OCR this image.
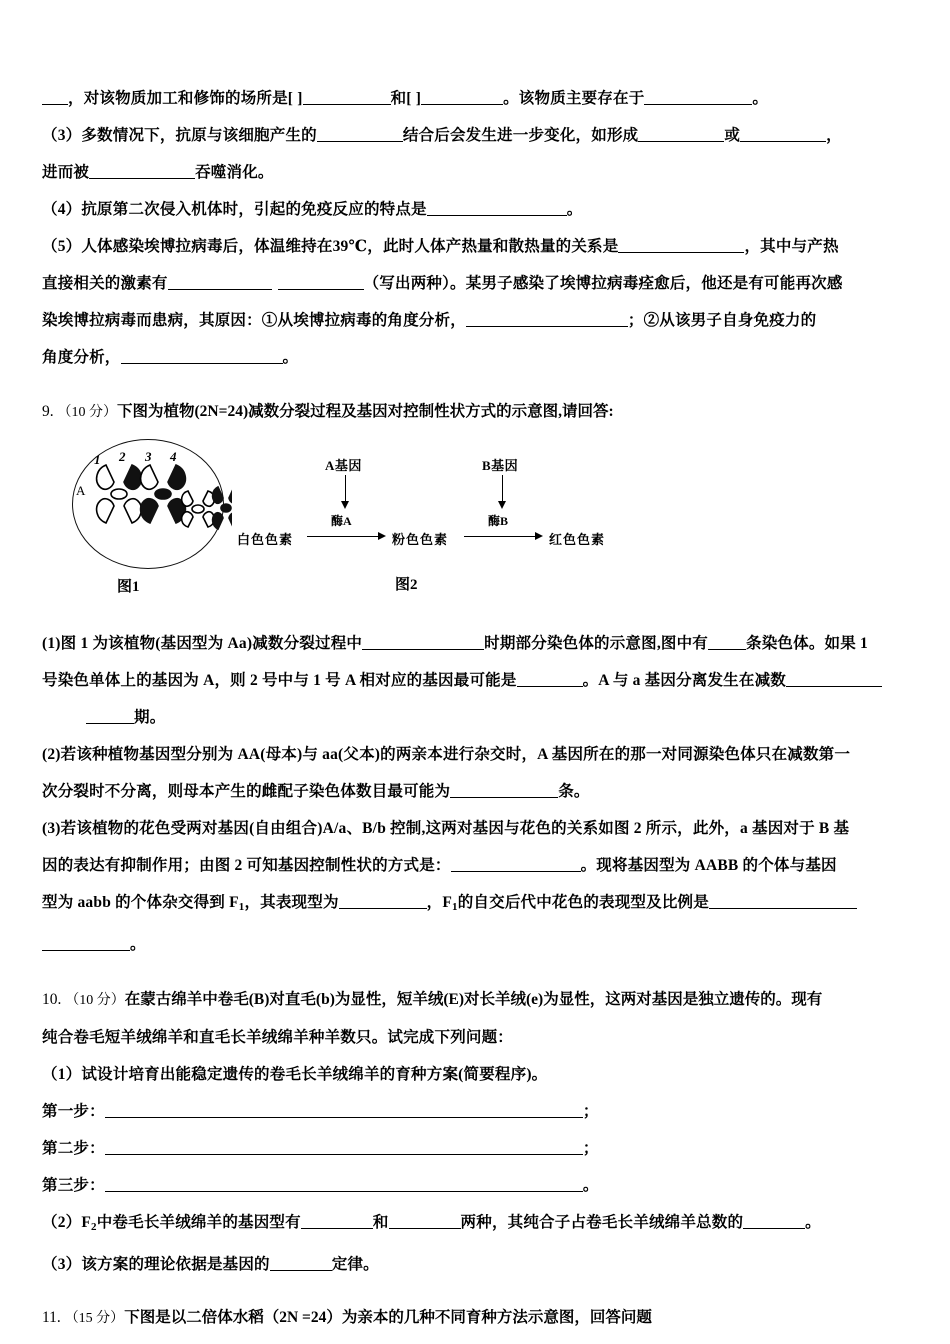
，对该物质加工和修饰的场所是[ ]	和[ ]	。该物质主要存在于	。

（3）多数情况下，抗原与该细胞产生的	结合后会发生进一步变化，如形成	或	，

进而被	吞噬消化。

（4）抗原第二次侵入机体时，引起的免疫反应的特点是	。

（5）人体感染埃博拉病毒后，体温维持在39℃，此时人体产热量和散热量的关系是	，其中与产热

直接相关的激素有	（写出两种）。某男子感染了埃博拉病毒痊愈后，他还是有可能再次感

染埃博拉病毒而患病，其原因：①从埃博拉病毒的角度分析，	；②从该男子自身免疫力的

角度分析，	。

9. （10 分）下图为植物(2N=24)减数分裂过程及基因对控制性状方式的示意图,请回答:

A
1 2 3 4
图1
A基因	B基因
酶A	酶B
白色色素	粉色色素	红色色素
图2

(1)图 1 为该植物(基因型为 Aa)减数分裂过程中	时期部分染色体的示意图,图中有 条染色体。如果 1

号染色单体上的基因为 A，则 2 号中与 1 号 A 相对应的基因最可能是	。A 与 a 基因分离发生在减数

期。

(2)若该种植物基因型分别为 AA(母本)与 aa(父本)的两亲本进行杂交时，A 基因所在的那一对同源染色体只在减数第一

次分裂时不分离，则母本产生的雌配子染色体数目最可能为	条。

(3)若该植物的花色受两对基因(自由组合)A/a、B/b 控制,这两对基因与花色的关系如图 2 所示，此外，a 基因对于 B 基

因的表达有抑制作用；由图 2 可知基因控制性状的方式是：	。现将基因型为 AABB 的个体与基因

型为 aabb 的个体杂交得到 $F_1$，其表现型为	，$F_1$的自交后代中花色的表现型及比例是

。

10. （10 分）在蒙古绵羊中卷毛(B)对直毛(b)为显性，短羊绒(E)对长羊绒(e)为显性，这两对基因是独立遗传的。现有

纯合卷毛短羊绒绵羊和直毛长羊绒绵羊种羊数只。试完成下列问题：

（1）试设计培育出能稳定遗传的卷毛长羊绒绵羊的育种方案(简要程序)。

第一步：	；

第二步：	；

第三步：	。

$(2)F_2$中卷毛长羊绒绵羊的基因型有	和	两种，其纯合子占卷毛长羊绒绵羊总数的	。

（3）该方案的理论依据是基因的	定律。

11. （15 分）下图是以二倍体水稻（2N =24）为亲本的几种不同育种方法示意图，回答问题
